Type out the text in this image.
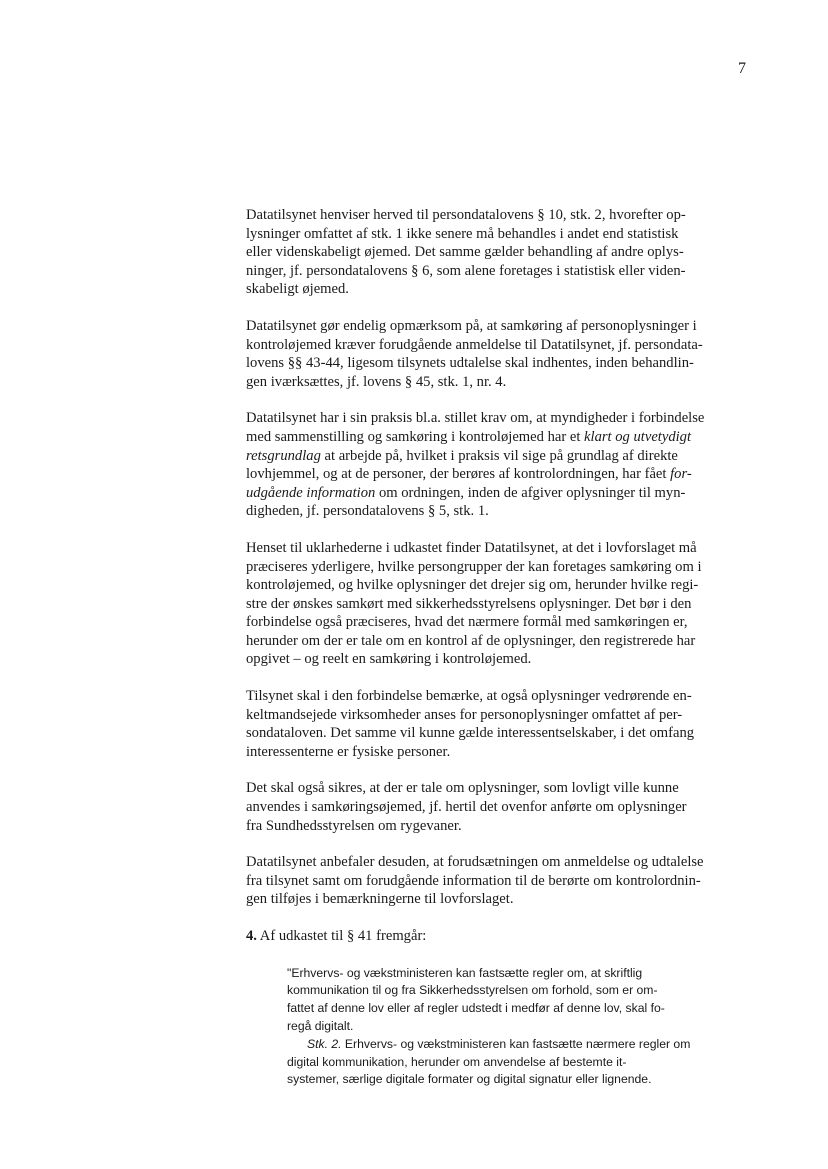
7
Datatilsynet henviser herved til persondatalovens § 10, stk. 2, hvorefter op-
lysninger omfattet af stk. 1 ikke senere må behandles i andet end statistisk
eller videnskabeligt øjemed. Det samme gælder behandling af andre oplys-
ninger, jf. persondatalovens § 6, som alene foretages i statistisk eller viden-
skabeligt øjemed.
Datatilsynet gør endelig opmærksom på, at samkøring af personoplysninger i
kontroløjemed kræver forudgående anmeldelse til Datatilsynet, jf. persondata-
lovens §§ 43-44, ligesom tilsynets udtalelse skal indhentes, inden behandlin-
gen iværksættes, jf. lovens § 45, stk. 1, nr. 4.
Datatilsynet har i sin praksis bl.a. stillet krav om, at myndigheder i forbindelse
med sammenstilling og samkøring i kontroløjemed har et klart og utvetydigt
retsgrundlag at arbejde på, hvilket i praksis vil sige på grundlag af direkte
lovhjemmel, og at de personer, der berøres af kontrolordningen, har fået for-
udgående information om ordningen, inden de afgiver oplysninger til myn-
digheden, jf. persondatalovens § 5, stk. 1.
Henset til uklarhederne i udkastet finder Datatilsynet, at det i lovforslaget må
præciseres yderligere, hvilke persongrupper der kan foretages samkøring om i
kontroløjemed, og hvilke oplysninger det drejer sig om, herunder hvilke regi-
stre der ønskes samkørt med sikkerhedsstyrelsens oplysninger. Det bør i den
forbindelse også præciseres, hvad det nærmere formål med samkøringen er,
herunder om der er tale om en kontrol af de oplysninger, den registrerede har
opgivet – og reelt en samkøring i kontroløjemed.
Tilsynet skal i den forbindelse bemærke, at også oplysninger vedrørende en-
keltmandsejede virksomheder anses for personoplysninger omfattet af per-
sondataloven. Det samme vil kunne gælde interessentselskaber, i det omfang
interessenterne er fysiske personer.
Det skal også sikres, at der er tale om oplysninger, som lovligt ville kunne
anvendes i samkøringsøjemed, jf. hertil det ovenfor anførte om oplysninger
fra Sundhedsstyrelsen om rygevaner.
Datatilsynet anbefaler desuden, at forudsætningen om anmeldelse og udtalelse
fra tilsynet samt om forudgående information til de berørte om kontrolordnin-
gen tilføjes i bemærkningerne til lovforslaget.
4. Af udkastet til § 41 fremgår:
"Erhvervs- og vækstministeren kan fastsætte regler om, at skriftlig
kommunikation til og fra Sikkerhedsstyrelsen om forhold, som er om-
fattet af denne lov eller af regler udstedt i medfør af denne lov, skal fo-
regå digitalt.
Stk. 2. Erhvervs- og vækstministeren kan fastsætte nærmere regler om
digital kommunikation, herunder om anvendelse af bestemte it-
systemer, særlige digitale formater og digital signatur eller lignende.
